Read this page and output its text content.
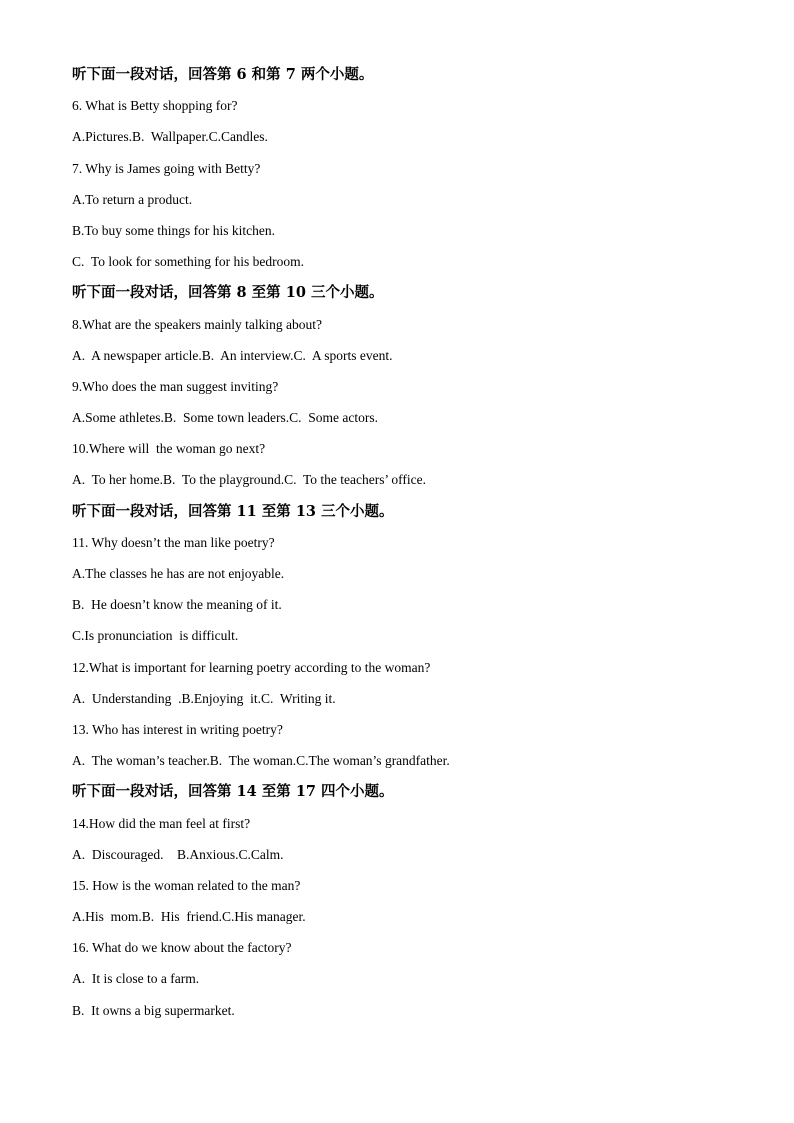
听下面一段对话，回答第 6 和第 7 两个小题。
6. What is Betty shopping for?
A.Pictures.B.  Wallpaper.C.Candles.
7. Why is James going with Betty?
A.To return a product.
B.To buy some things for his kitchen.
C.  To look for something for his bedroom.
听下面一段对话，回答第 8 至第 10 三个小题。
8.What are the speakers mainly talking about?
A.  A newspaper article.B.  An interview.C.  A sports event.
9.Who does the man suggest inviting?
A.Some athletes.B.  Some town leaders.C.  Some actors.
10.Where will  the woman go next?
A.  To her home.B.  To the playground.C.  To the teachers’ office.
听下面一段对话，回答第 11 至第 13 三个小题。
11. Why doesn’t the man like poetry?
A.The classes he has are not enjoyable.
B.  He doesn’t know the meaning of it.
C.Is pronunciation  is difficult.
12.What is important for learning poetry according to the woman?
A.  Understanding  .B.Enjoying  it.C.  Writing it.
13. Who has interest in writing poetry?
A.  The woman’s teacher.B.  The woman.C.The woman’s grandfather.
听下面一段对话，回答第 14 至第 17 四个小题。
14.How did the man feel at first?
A.  Discouraged.    B.Anxious.C.Calm.
15. How is the woman related to the man?
A.His  mom.B.  His  friend.C.His manager.
16. What do we know about the factory?
A.  It is close to a farm.
B.  It owns a big supermarket.
